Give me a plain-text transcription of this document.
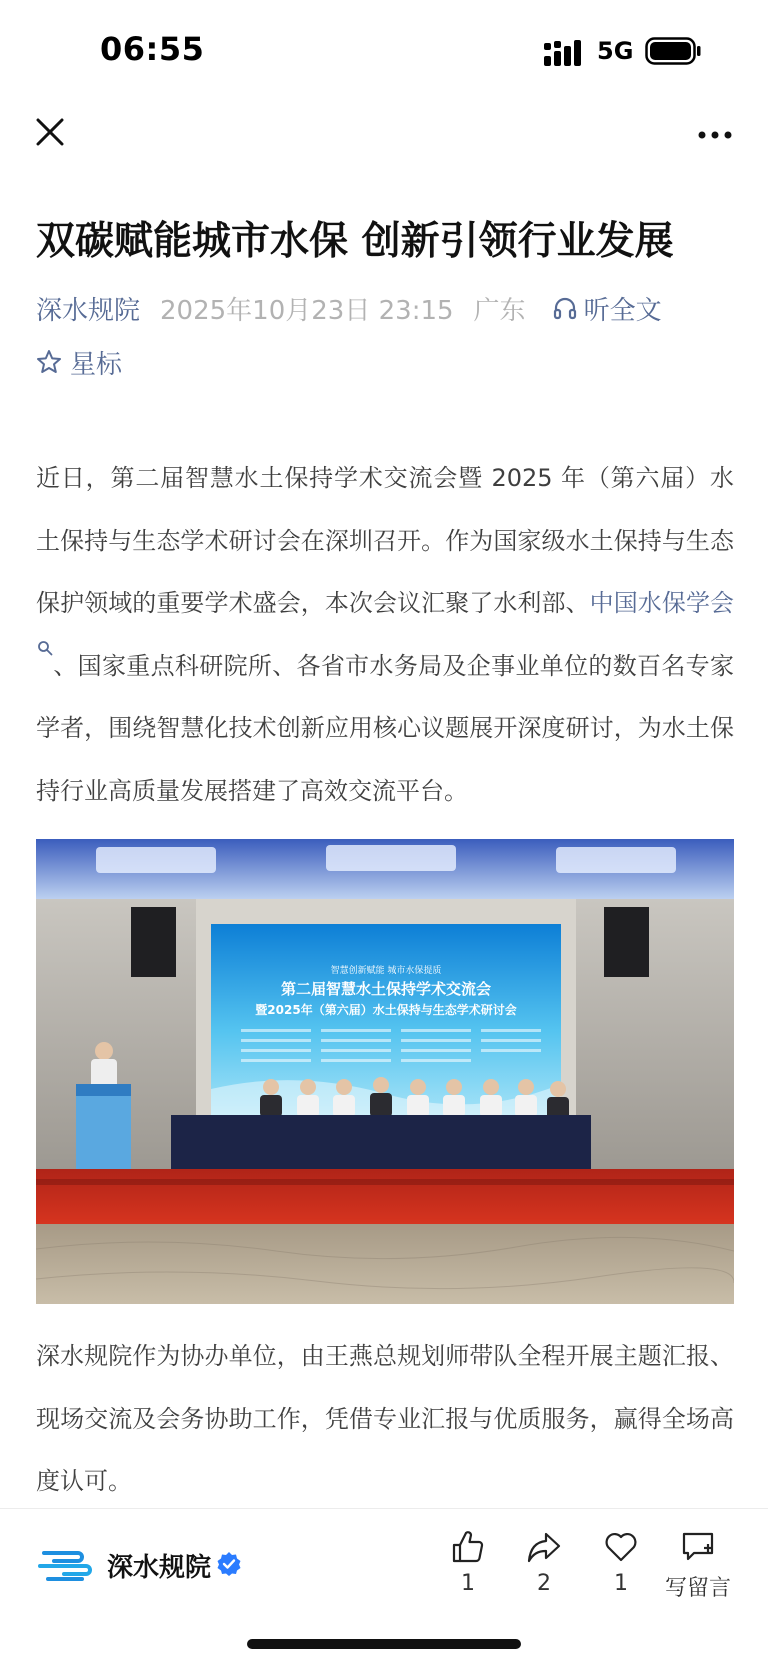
06:55	5G
双碳赋能城市水保 创新引领行业发展
深水规院 2025年10月23日 23:15 广东 听全文
星标

近日，第二届智慧水土保持学术交流会暨 2025 年（第六届）水土保持与生态学术研讨会在深圳召开。作为国家级水土保持与生态保护领域的重要学术盛会，本次会议汇聚了水利部、中国水保学会、国家重点科研院所、各省市水务局及企事业单位的数百名专家学者，围绕智慧化技术创新应用核心议题展开深度研讨，为水土保持行业高质量发展搭建了高效交流平台。

智慧创新赋能 城市水保提质
第二届智慧水土保持学术交流会
暨2025年（第六届）水土保持与生态学术研讨会

深水规院作为协办单位，由王燕总规划师带队全程开展主题汇报、现场交流及会务协助工作，凭借专业汇报与优质服务，赢得全场高度认可。

深水规院
1	2	1 写留言
